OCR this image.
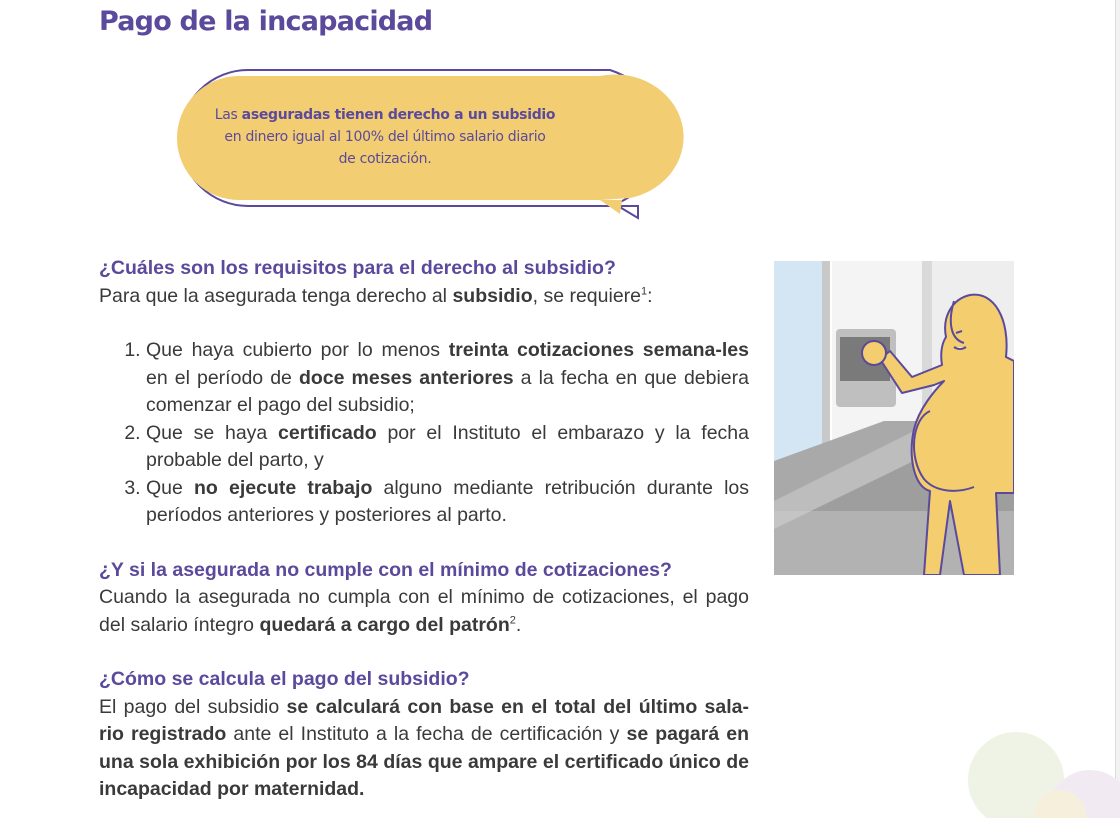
Pago de la incapacidad
Las aseguradas tienen derecho a un subsidio
en dinero igual al 100% del último salario diario
de cotización.

¿Cuáles son los requisitos para el derecho al subsidio?

Para que la asegurada tenga derecho al subsidio, se requiere$^1$:

1. Que haya cubierto por lo menos treinta cotizaciones semana-les en el período de doce meses anteriores a la fecha en que debiera comenzar el pago del subsidio;
2. Que se haya certificado por el Instituto el embarazo y la fecha probable del parto, y
3. Que no ejecute trabajo alguno mediante retribución durante los períodos anteriores y posteriores al parto.

¿Y si la asegurada no cumple con el mínimo de cotizaciones?

Cuando la asegurada no cumpla con el mínimo de cotizaciones, el pago del salario íntegro quedará a cargo del patrón$^2$.

¿Cómo se calcula el pago del subsidio?

El pago del subsidio se calculará con base en el total del último sala-rio registrado ante el Instituto a la fecha de certificación y se pagará en una sola exhibición por los 84 días que ampare el certificado único de incapacidad por maternidad.
